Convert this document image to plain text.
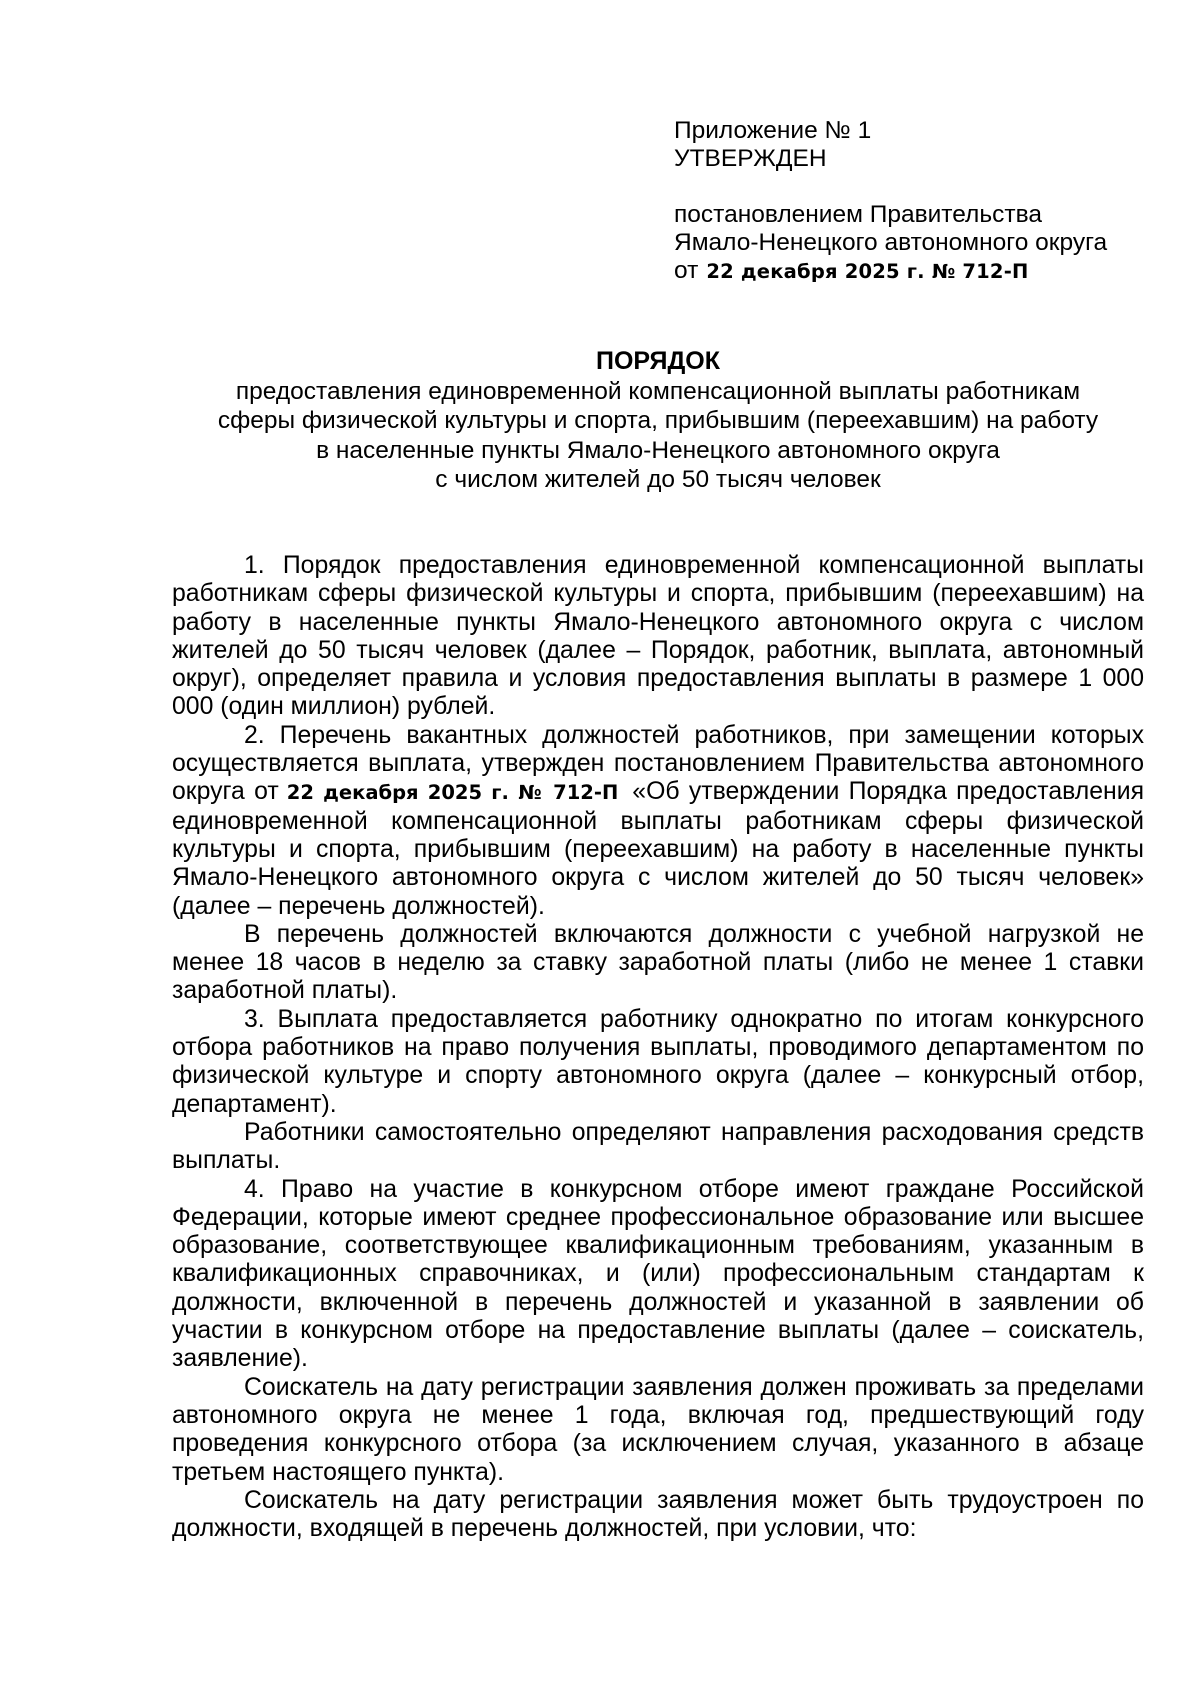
Приложение № 1
УТВЕРЖДЕН
постановлением Правительства
Ямало-Ненецкого автономного округа
от 22 декабря 2025 г. № 712-П
ПОРЯДОК
предоставления единовременной компенсационной выплаты работникам
сферы физической культуры и спорта, прибывшим (переехавшим) на работу
в населенные пункты Ямало-Ненецкого автономного округа
с числом жителей до 50 тысяч человек

1. Порядок предоставления единовременной компенсационной выплаты работникам сферы физической культуры и спорта, прибывшим (переехавшим) на работу в населенные пункты Ямало-Ненецкого автономного округа с числом жителей до 50 тысяч человек (далее – Порядок, работник, выплата, автономный округ), определяет правила и условия предоставления выплаты в размере 1 000 000 (один миллион) рублей.

2. Перечень вакантных должностей работников, при замещении которых осуществляется выплата, утвержден постановлением Правительства автономного округа от 22 декабря 2025 г. № 712-П «Об утверждении Порядка предоставления единовременной компенсационной выплаты работникам сферы физической культуры и спорта, прибывшим (переехавшим) на работу в населенные пункты Ямало-Ненецкого автономного округа с числом жителей до 50 тысяч человек» (далее – перечень должностей).

В перечень должностей включаются должности с учебной нагрузкой не менее 18 часов в неделю за ставку заработной платы (либо не менее 1 ставки заработной платы).

3. Выплата предоставляется работнику однократно по итогам конкурсного отбора работников на право получения выплаты, проводимого департаментом по физической культуре и спорту автономного округа (далее – конкурсный отбор, департамент).

Работники самостоятельно определяют направления расходования средств выплаты.

4. Право на участие в конкурсном отборе имеют граждане Российской Федерации, которые имеют среднее профессиональное образование или высшее образование, соответствующее квалификационным требованиям, указанным в квалификационных справочниках, и (или) профессиональным стандартам к должности, включенной в перечень должностей и указанной в заявлении об участии в конкурсном отборе на предоставление выплаты (далее – соискатель, заявление).

Соискатель на дату регистрации заявления должен проживать за пределами автономного округа не менее 1 года, включая год, предшествующий году проведения конкурсного отбора (за исключением случая, указанного в абзаце третьем настоящего пункта).

Соискатель на дату регистрации заявления может быть трудоустроен по должности, входящей в перечень должностей, при условии, что:
